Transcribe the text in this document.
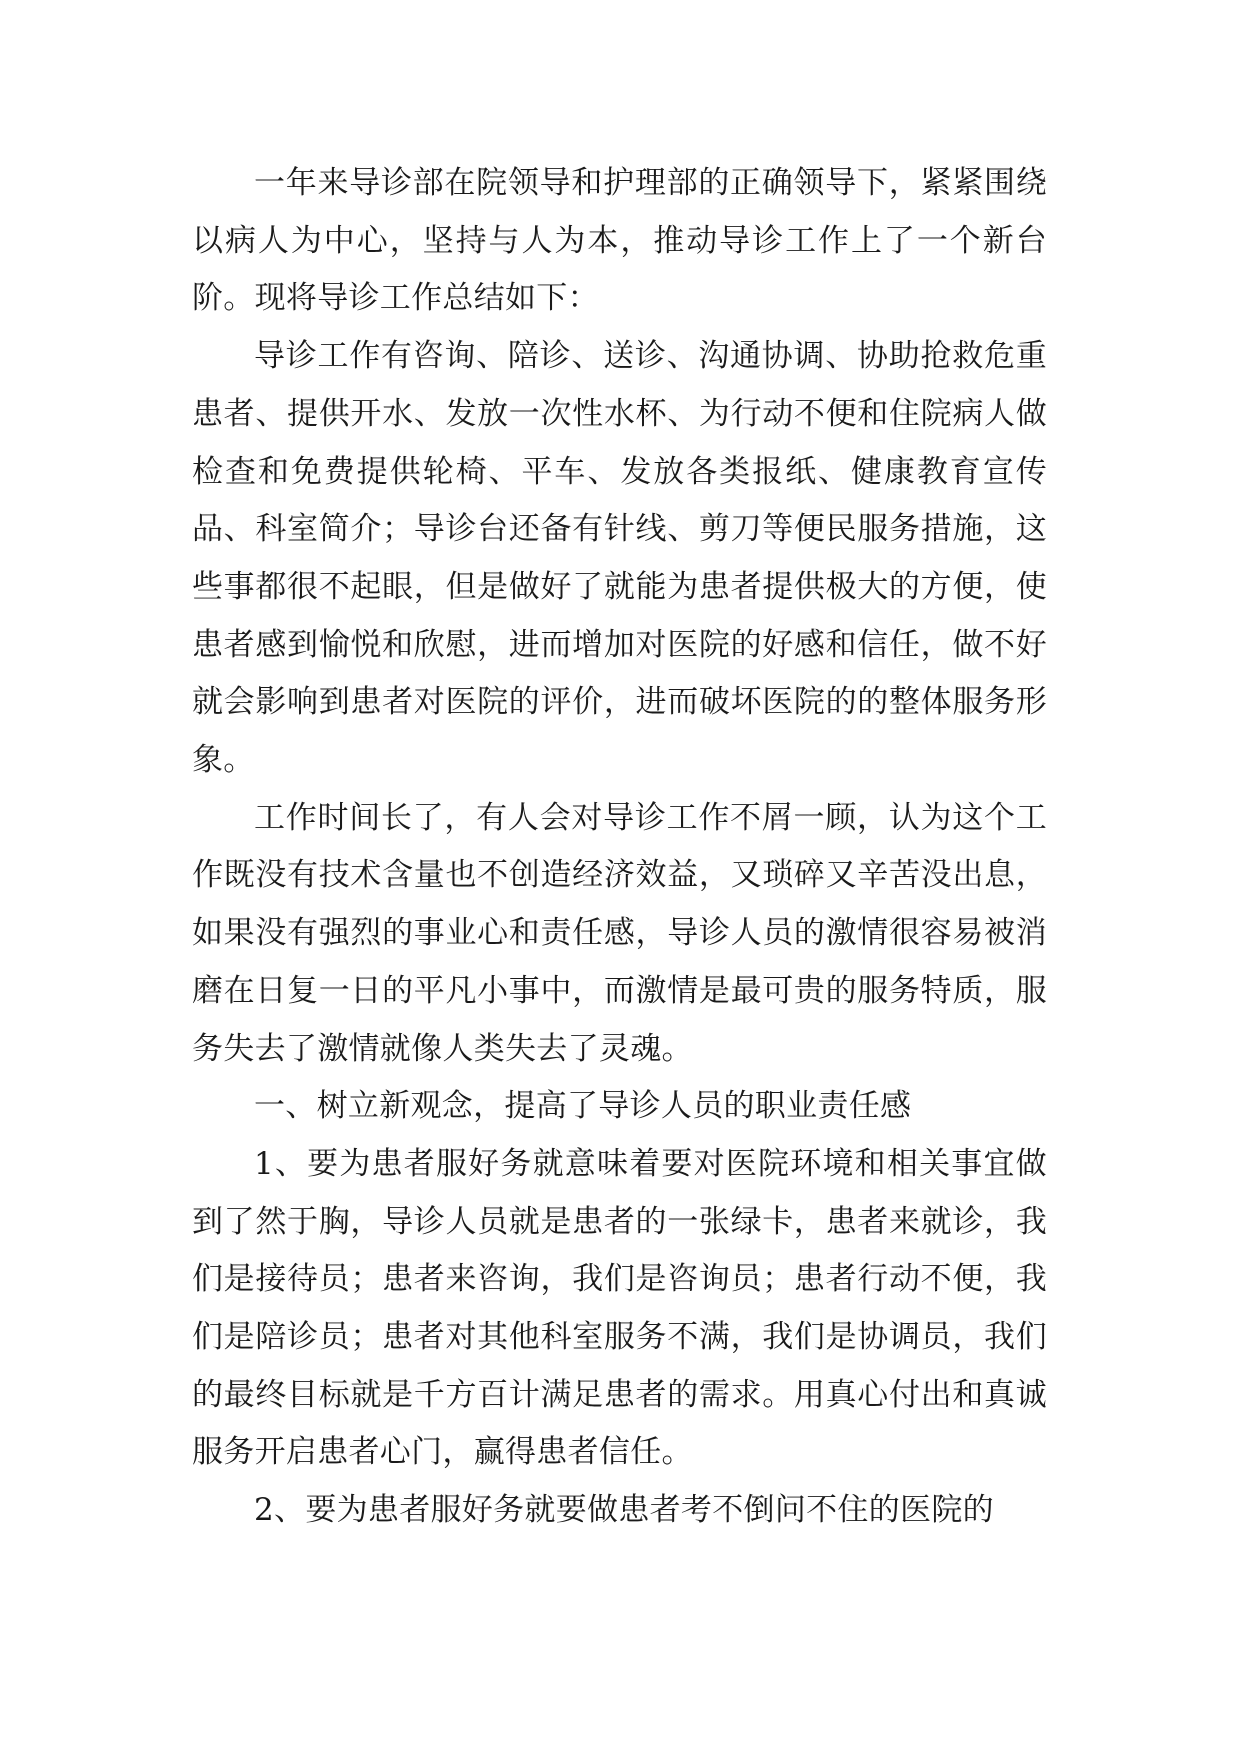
一年来导诊部在院领导和护理部的正确领导下，紧紧围绕以病人为中心，坚持与人为本，推动导诊工作上了一个新台阶。现将导诊工作总结如下：

导诊工作有咨询、陪诊、送诊、沟通协调、协助抢救危重患者、提供开水、发放一次性水杯、为行动不便和住院病人做检查和免费提供轮椅、平车、发放各类报纸、健康教育宣传品、科室简介；导诊台还备有针线、剪刀等便民服务措施，这些事都很不起眼，但是做好了就能为患者提供极大的方便，使患者感到愉悦和欣慰，进而增加对医院的好感和信任，做不好就会影响到患者对医院的评价，进而破坏医院的的整体服务形象。

工作时间长了，有人会对导诊工作不屑一顾，认为这个工作既没有技术含量也不创造经济效益，又琐碎又辛苦没出息，如果没有强烈的事业心和责任感，导诊人员的激情很容易被消磨在日复一日的平凡小事中，而激情是最可贵的服务特质，服务失去了激情就像人类失去了灵魂。

一、树立新观念，提高了导诊人员的职业责任感

1、要为患者服好务就意味着要对医院环境和相关事宜做到了然于胸，导诊人员就是患者的一张绿卡，患者来就诊，我们是接待员；患者来咨询，我们是咨询员；患者行动不便，我们是陪诊员；患者对其他科室服务不满，我们是协调员，我们的最终目标就是千方百计满足患者的需求。用真心付出和真诚服务开启患者心门，赢得患者信任。

2、要为患者服好务就要做患者考不倒问不住的医院的
